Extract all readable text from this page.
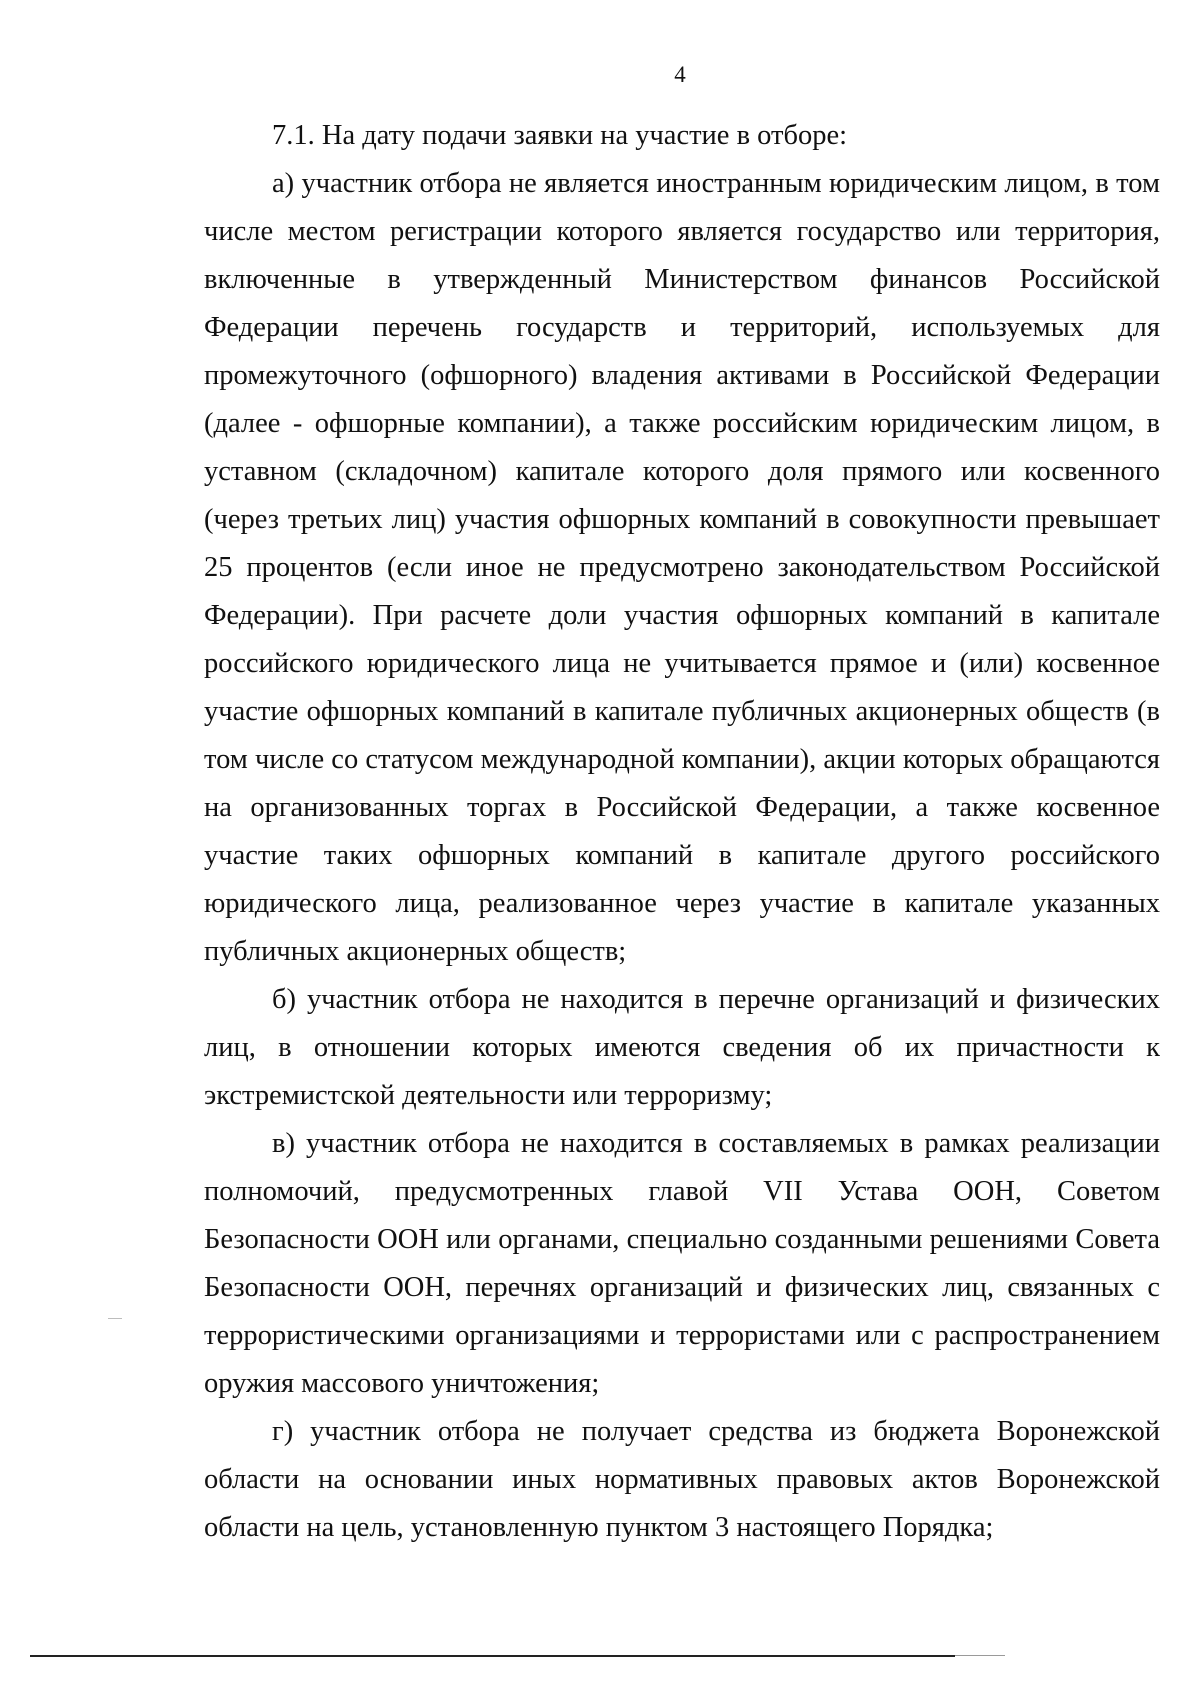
4

7.1. На дату подачи заявки на участие в отборе:

а) участник отбора не является иностранным юридическим лицом, в том числе местом регистрации которого является государство или территория, включенные в утвержденный Министерством финансов Российской Федерации перечень государств и территорий, используемых для промежуточного (офшорного) владения активами в Российской Федерации (далее - офшорные компании), а также российским юридическим лицом, в уставном (складочном) капитале которого доля прямого или косвенного (через третьих лиц) участия офшорных компаний в совокупности превышает 25 процентов (если иное не предусмотрено законодательством Российской Федерации). При расчете доли участия офшорных компаний в капитале российского юридического лица не учитывается прямое и (или) косвенное участие офшорных компаний в капитале публичных акционерных обществ (в том числе со статусом международной компании), акции которых обращаются на организованных торгах в Российской Федерации, а также косвенное участие таких офшорных компаний в капитале другого российского юридического лица, реализованное через участие в капитале указанных публичных акционерных обществ;

б) участник отбора не находится в перечне организаций и физических лиц, в отношении которых имеются сведения об их причастности к экстремистской деятельности или терроризму;

в) участник отбора не находится в составляемых в рамках реализации полномочий, предусмотренных главой VII Устава ООН, Советом Безопасности ООН или органами, специально созданными решениями Совета Безопасности ООН, перечнях организаций и физических лиц, связанных с террористическими организациями и террористами или с распространением оружия массового уничтожения;

г) участник отбора не получает средства из бюджета Воронежской области на основании иных нормативных правовых актов Воронежской области на цель, установленную пунктом 3 настоящего Порядка;
